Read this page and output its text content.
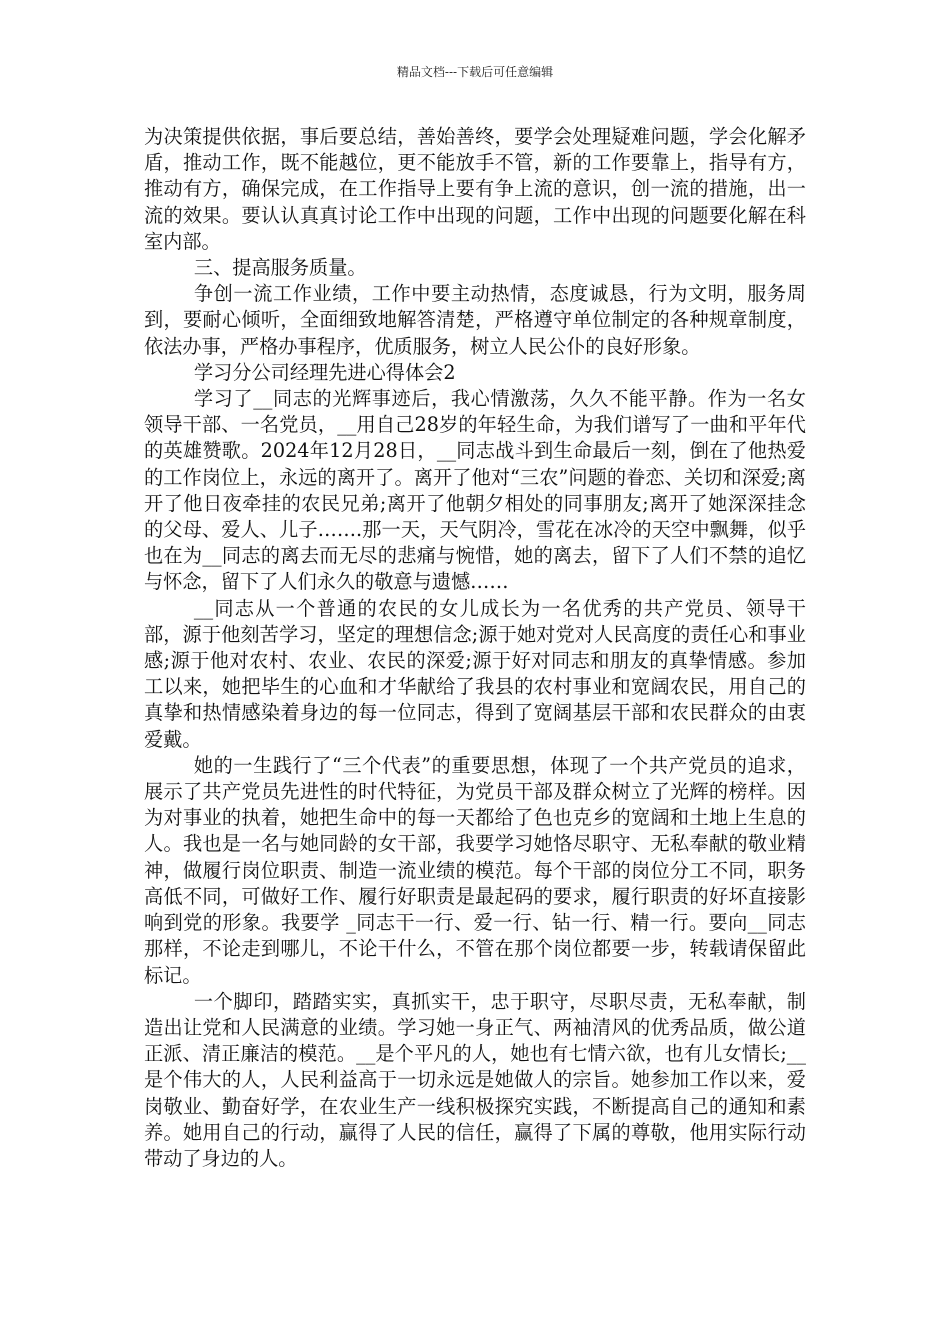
精品文档---下载后可任意编辑

为决策提供依据，事后要总结，善始善终，要学会处理疑难问题，学会化解矛盾，推动工作，既不能越位，更不能放手不管，新的工作要靠上，指导有方，推动有方，确保完成，在工作指导上要有争上流的意识，创一流的措施，出一流的效果。要认认真真讨论工作中出现的问题，工作中出现的问题要化解在科室内部。

三、提高服务质量。

争创一流工作业绩，工作中要主动热情，态度诚恳，行为文明，服务周到，要耐心倾听，全面细致地解答清楚，严格遵守单位制定的各种规章制度，依法办事，严格办事程序，优质服务，树立人民公仆的良好形象。

学习分公司经理先进心得体会2

学习了__同志的光辉事迹后，我心情激荡，久久不能平静。作为一名女领导干部、一名党员，__用自己28岁的年轻生命，为我们谱写了一曲和平年代的英雄赞歌。2024年12月28日，__同志战斗到生命最后一刻，倒在了他热爱的工作岗位上，永远的离开了。离开了他对“三农”问题的眷恋、关切和深爱;离开了他日夜牵挂的农民兄弟;离开了他朝夕相处的同事朋友;离开了她深深挂念的父母、爱人、儿子…….那一天，天气阴冷，雪花在冰冷的天空中飘舞，似乎也在为__同志的离去而无尽的悲痛与惋惜，她的离去，留下了人们不禁的追忆与怀念，留下了人们永久的敬意与遗憾……

__同志从一个普通的农民的女儿成长为一名优秀的共产党员、领导干部，源于他刻苦学习，坚定的理想信念;源于她对党对人民高度的责任心和事业感;源于他对农村、农业、农民的深爱;源于好对同志和朋友的真挚情感。参加工以来，她把毕生的心血和才华献给了我县的农村事业和宽阔农民，用自己的真挚和热情感染着身边的每一位同志，得到了宽阔基层干部和农民群众的由衷爱戴。

她的一生践行了“三个代表”的重要思想，体现了一个共产党员的追求，展示了共产党员先进性的时代特征，为党员干部及群众树立了光辉的榜样。因为对事业的执着，她把生命中的每一天都给了色也克乡的宽阔和土地上生息的人。我也是一名与她同龄的女干部，我要学习她恪尽职守、无私奉献的敬业精神，做履行岗位职责、制造一流业绩的模范。每个干部的岗位分工不同，职务高低不同，可做好工作、履行好职责是最起码的要求，履行职责的好坏直接影响到党的形象。我要学 _同志干一行、爱一行、钻一行、精一行。要向__同志那样，不论走到哪儿，不论干什么，不管在那个岗位都要一步，转载请保留此标记。

一个脚印，踏踏实实，真抓实干，忠于职守，尽职尽责，无私奉献，制造出让党和人民满意的业绩。学习她一身正气、两袖清风的优秀品质，做公道正派、清正廉洁的模范。__是个平凡的人，她也有七情六欲，也有儿女情长;__是个伟大的人，人民利益高于一切永远是她做人的宗旨。她参加工作以来，爱岗敬业、勤奋好学，在农业生产一线积极探究实践，不断提高自己的通知和素养。她用自己的行动，赢得了人民的信任，赢得了下属的尊敬，他用实际行动带动了身边的人。
